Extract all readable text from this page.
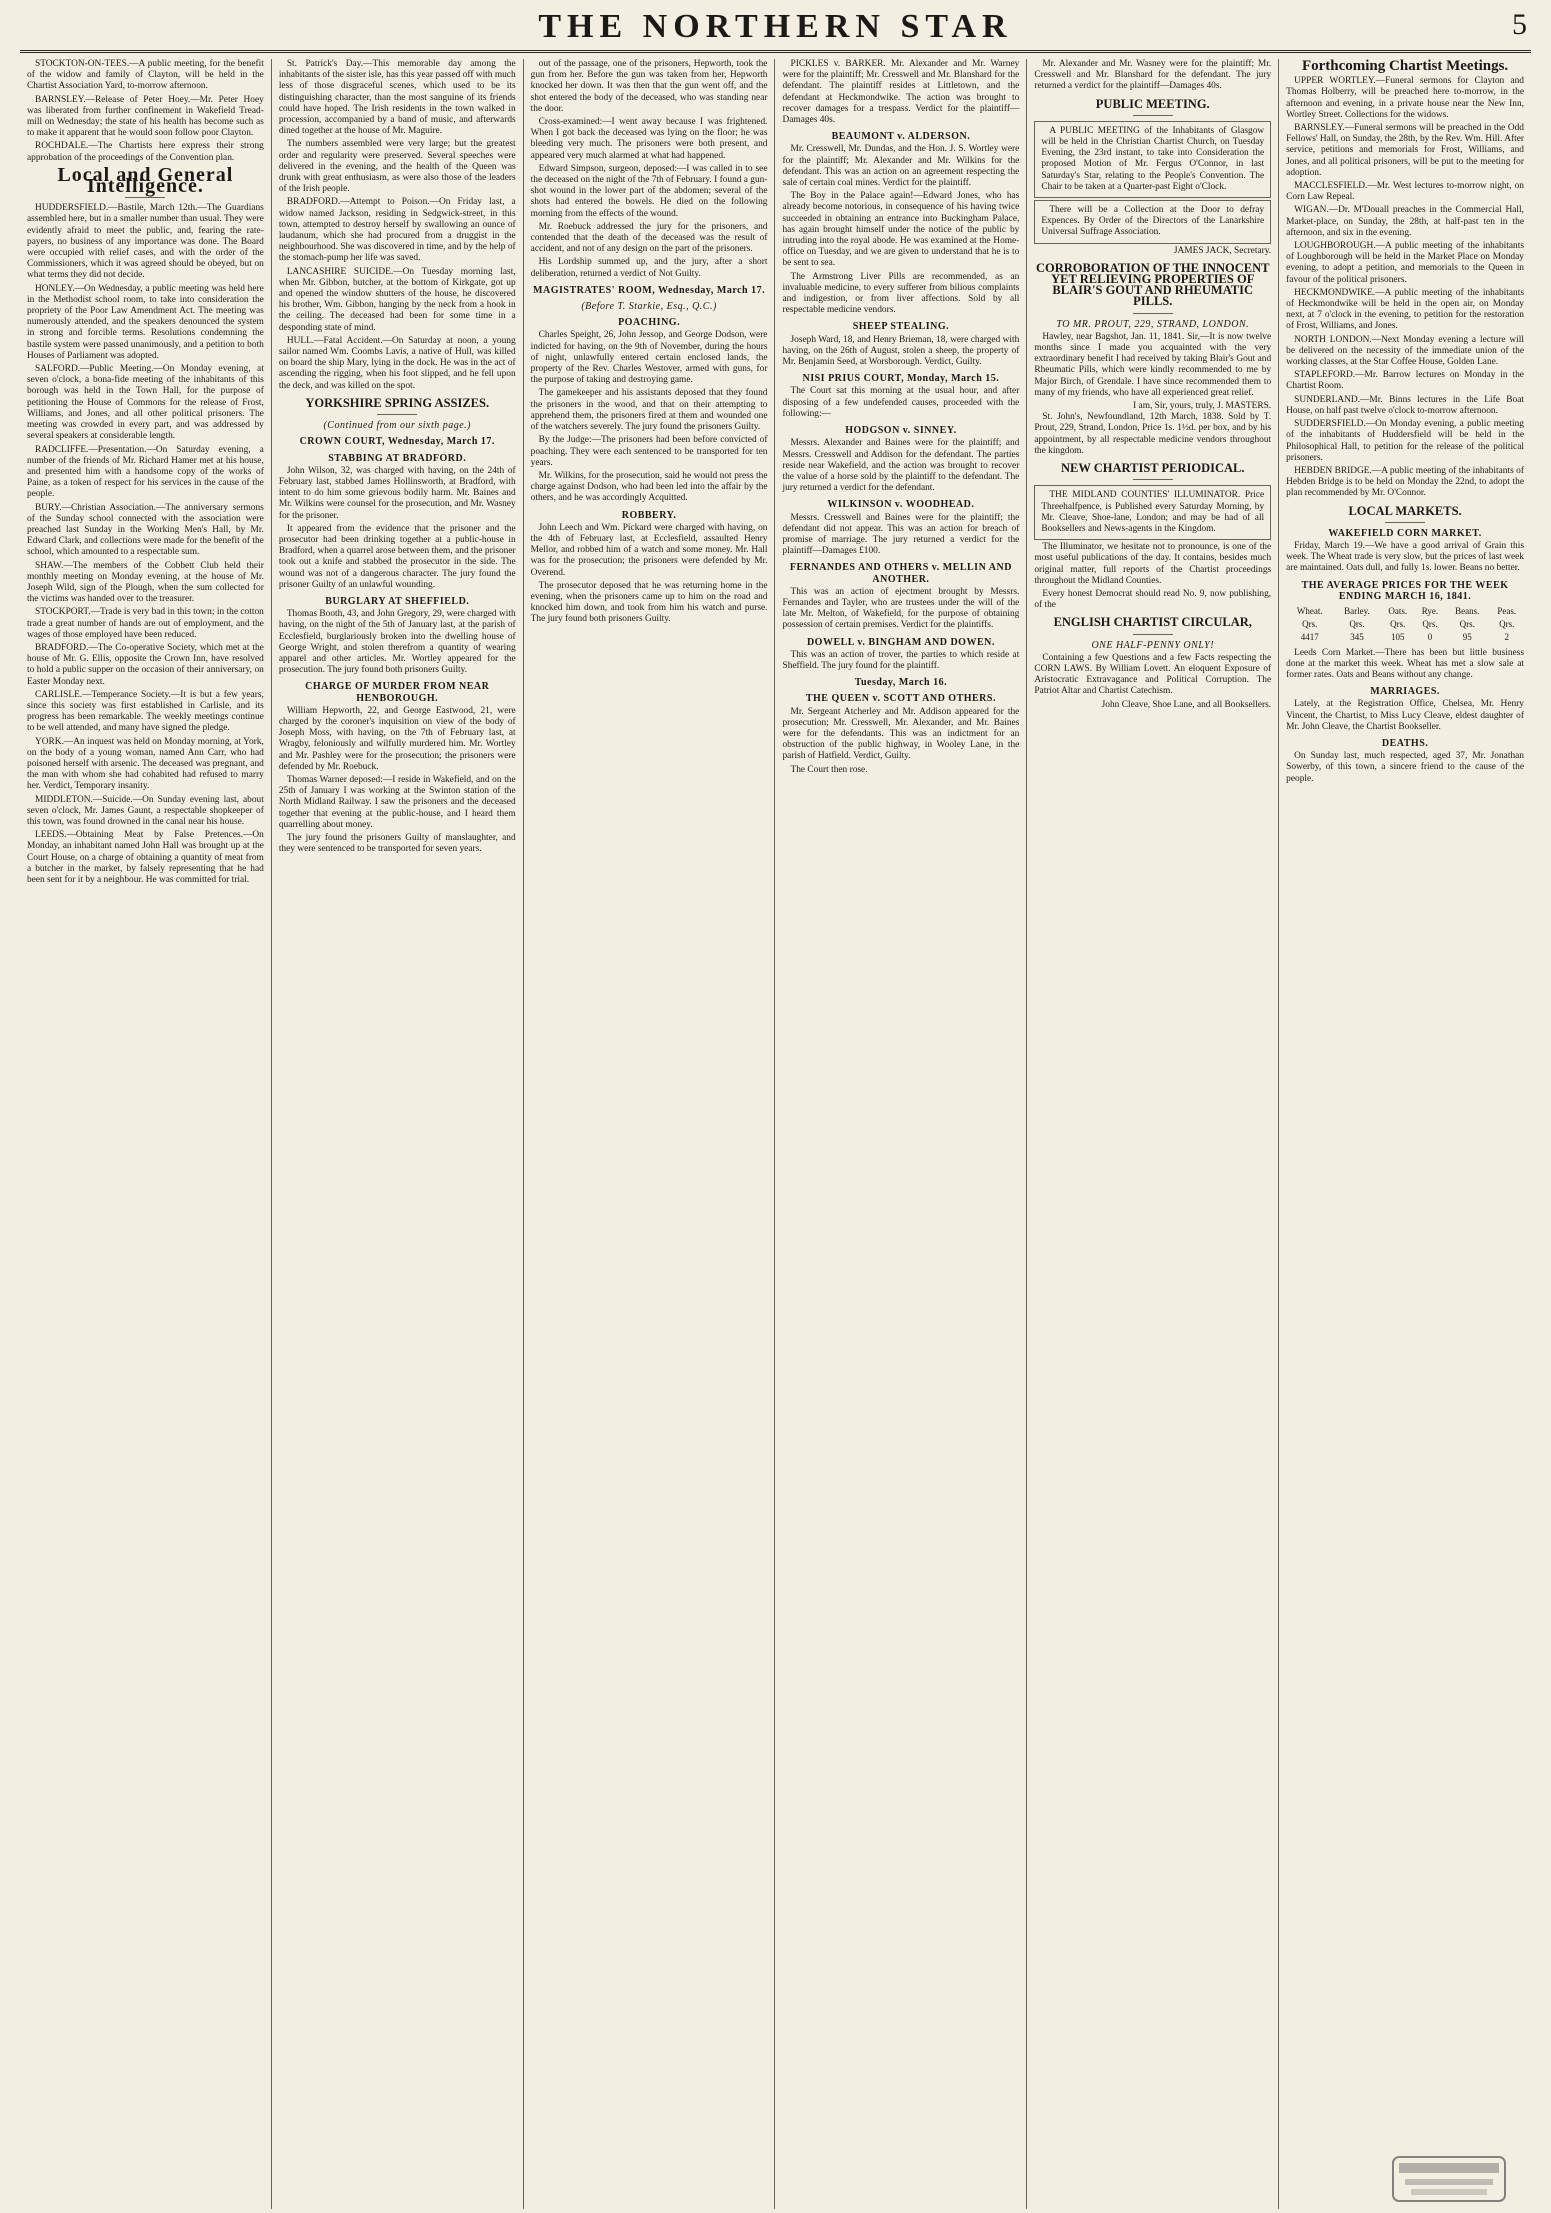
THE NORTHERN STAR	5

STOCKTON-ON-TEES.—A public meeting, for the benefit of the widow and family of Clayton, will be held in the Chartist Association Yard, to-morrow afternoon.

BARNSLEY.—Release of Peter Hoey.—Mr. Peter Hoey was liberated from further confinement in Wakefield Tread-mill on Wednesday; the state of his health has become such as to make it apparent that he would soon follow poor Clayton.

ROCHDALE.—The Chartists here express their strong approbation of the proceedings of the Convention plan.

Local and General Intelligence.

HUDDERSFIELD.—Bastile, March 12th.—The Guardians assembled here, but in a smaller number than usual. They were evidently afraid to meet the public, and, fearing the rate-payers, no business of any importance was done. The Board were occupied with relief cases, and with the order of the Commissioners, which it was agreed should be obeyed, but on what terms they did not decide.

HONLEY.—On Wednesday, a public meeting was held here in the Methodist school room, to take into consideration the propriety of the Poor Law Amendment Act. The meeting was numerously attended, and the speakers denounced the system in strong and forcible terms. Resolutions condemning the bastile system were passed unanimously, and a petition to both Houses of Parliament was adopted.

SALFORD.—Public Meeting.—On Monday evening, at seven o'clock, a bona-fide meeting of the inhabitants of this borough was held in the Town Hall, for the purpose of petitioning the House of Commons for the release of Frost, Williams, and Jones, and all other political prisoners. The meeting was crowded in every part, and was addressed by several speakers at considerable length.

RADCLIFFE.—Presentation.—On Saturday evening, a number of the friends of Mr. Richard Hamer met at his house, and presented him with a handsome copy of the works of Paine, as a token of respect for his services in the cause of the people.

BURY.—Christian Association.—The anniversary sermons of the Sunday school connected with the association were preached last Sunday in the Working Men's Hall, by Mr. Edward Clark, and collections were made for the benefit of the school, which amounted to a respectable sum.

SHAW.—The members of the Cobbett Club held their monthly meeting on Monday evening, at the house of Mr. Joseph Wild, sign of the Plough, when the sum collected for the victims was handed over to the treasurer.

STOCKPORT.—Trade is very bad in this town; in the cotton trade a great number of hands are out of employment, and the wages of those employed have been reduced.

BRADFORD.—The Co-operative Society, which met at the house of Mr. G. Ellis, opposite the Crown Inn, have resolved to hold a public supper on the occasion of their anniversary, on Easter Monday next.

CARLISLE.—Temperance Society.—It is but a few years, since this society was first established in Carlisle, and its progress has been remarkable. The weekly meetings continue to be well attended, and many have signed the pledge.

YORK.—An inquest was held on Monday morning, at York, on the body of a young woman, named Ann Carr, who had poisoned herself with arsenic. The deceased was pregnant, and the man with whom she had cohabited had refused to marry her. Verdict, Temporary insanity.

MIDDLETON.—Suicide.—On Sunday evening last, about seven o'clock, Mr. James Gaunt, a respectable shopkeeper of this town, was found drowned in the canal near his house.

LEEDS.—Obtaining Meat by False Pretences.—On Monday, an inhabitant named John Hall was brought up at the Court House, on a charge of obtaining a quantity of meat from a butcher in the market, by falsely representing that he had been sent for it by a neighbour. He was committed for trial.

St. Patrick's Day.—This memorable day among the inhabitants of the sister isle, has this year passed off with much less of those disgraceful scenes, which used to be its distinguishing character, than the most sanguine of its friends could have hoped. The Irish residents in the town walked in procession, accompanied by a band of music, and afterwards dined together at the house of Mr. Maguire.

The numbers assembled were very large; but the greatest order and regularity were preserved. Several speeches were delivered in the evening, and the health of the Queen was drunk with great enthusiasm, as were also those of the leaders of the Irish people.

BRADFORD.—Attempt to Poison.—On Friday last, a widow named Jackson, residing in Sedgwick-street, in this town, attempted to destroy herself by swallowing an ounce of laudanum, which she had procured from a druggist in the neighbourhood. She was discovered in time, and by the help of the stomach-pump her life was saved.

LANCASHIRE SUICIDE.—On Tuesday morning last, when Mr. Gibbon, butcher, at the bottom of Kirkgate, got up and opened the window shutters of the house, he discovered his brother, Wm. Gibbon, hanging by the neck from a hook in the ceiling. The deceased had been for some time in a desponding state of mind.

HULL.—Fatal Accident.—On Saturday at noon, a young sailor named Wm. Coombs Lavis, a native of Hull, was killed on board the ship Mary, lying in the dock. He was in the act of ascending the rigging, when his foot slipped, and he fell upon the deck, and was killed on the spot.

YORKSHIRE SPRING ASSIZES.
(Continued from our sixth page.)
CROWN COURT, Wednesday, March 17.
STABBING AT BRADFORD.

John Wilson, 32, was charged with having, on the 24th of February last, stabbed James Hollinsworth, at Bradford, with intent to do him some grievous bodily harm. Mr. Baines and Mr. Wilkins were counsel for the prosecution, and Mr. Wasney for the prisoner.

It appeared from the evidence that the prisoner and the prosecutor had been drinking together at a public-house in Bradford, when a quarrel arose between them, and the prisoner took out a knife and stabbed the prosecutor in the side. The wound was not of a dangerous character. The jury found the prisoner Guilty of an unlawful wounding.

BURGLARY AT SHEFFIELD.

Thomas Booth, 43, and John Gregory, 29, were charged with having, on the night of the 5th of January last, at the parish of Ecclesfield, burglariously broken into the dwelling house of George Wright, and stolen therefrom a quantity of wearing apparel and other articles. Mr. Wortley appeared for the prosecution. The jury found both prisoners Guilty.

CHARGE OF MURDER FROM NEAR HENBOROUGH.

William Hepworth, 22, and George Eastwood, 21, were charged by the coroner's inquisition on view of the body of Joseph Moss, with having, on the 7th of February last, at Wragby, feloniously and wilfully murdered him. Mr. Wortley and Mr. Pashley were for the prosecution; the prisoners were defended by Mr. Roebuck.

Thomas Warner deposed:—I reside in Wakefield, and on the 25th of January I was working at the Swinton station of the North Midland Railway. I saw the prisoners and the deceased together that evening at the public-house, and I heard them quarrelling about money.

The jury found the prisoners Guilty of manslaughter, and they were sentenced to be transported for seven years.

out of the passage, one of the prisoners, Hepworth, took the gun from her. Before the gun was taken from her, Hepworth knocked her down. It was then that the gun went off, and the shot entered the body of the deceased, who was standing near the door.

Cross-examined:—I went away because I was frightened. When I got back the deceased was lying on the floor; he was bleeding very much. The prisoners were both present, and appeared very much alarmed at what had happened.

Edward Simpson, surgeon, deposed:—I was called in to see the deceased on the night of the 7th of February. I found a gun-shot wound in the lower part of the abdomen; several of the shots had entered the bowels. He died on the following morning from the effects of the wound.

Mr. Roebuck addressed the jury for the prisoners, and contended that the death of the deceased was the result of accident, and not of any design on the part of the prisoners.

His Lordship summed up, and the jury, after a short deliberation, returned a verdict of Not Guilty.

MAGISTRATES' ROOM, Wednesday, March 17.
(Before T. Starkie, Esq., Q.C.)
POACHING.

Charles Speight, 26, John Jessop, and George Dodson, were indicted for having, on the 9th of November, during the hours of night, unlawfully entered certain enclosed lands, the property of the Rev. Charles Westover, armed with guns, for the purpose of taking and destroying game.

The gamekeeper and his assistants deposed that they found the prisoners in the wood, and that on their attempting to apprehend them, the prisoners fired at them and wounded one of the watchers severely. The jury found the prisoners Guilty.

By the Judge:—The prisoners had been before convicted of poaching. They were each sentenced to be transported for ten years.

Mr. Wilkins, for the prosecution, said he would not press the charge against Dodson, who had been led into the affair by the others, and he was accordingly Acquitted.

ROBBERY.

John Leech and Wm. Pickard were charged with having, on the 4th of February last, at Ecclesfield, assaulted Henry Mellor, and robbed him of a watch and some money. Mr. Hall was for the prosecution; the prisoners were defended by Mr. Overend.

The prosecutor deposed that he was returning home in the evening, when the prisoners came up to him on the road and knocked him down, and took from him his watch and purse. The jury found both prisoners Guilty.

PICKLES v. BARKER. Mr. Alexander and Mr. Warney were for the plaintiff; Mr. Cresswell and Mr. Blanshard for the defendant. The plaintiff resides at Littletown, and the defendant at Heckmondwike. The action was brought to recover damages for a trespass. Verdict for the plaintiff—Damages 40s.

BEAUMONT v. ALDERSON.

Mr. Cresswell, Mr. Dundas, and the Hon. J. S. Wortley were for the plaintiff; Mr. Alexander and Mr. Wilkins for the defendant. This was an action on an agreement respecting the sale of certain coal mines. Verdict for the plaintiff.

The Boy in the Palace again!—Edward Jones, who has already become notorious, in consequence of his having twice succeeded in obtaining an entrance into Buckingham Palace, has again brought himself under the notice of the public by intruding into the royal abode. He was examined at the Home-office on Tuesday, and we are given to understand that he is to be sent to sea.

The Armstrong Liver Pills are recommended, as an invaluable medicine, to every sufferer from bilious complaints and indigestion, or from liver affections. Sold by all respectable medicine vendors.

SHEEP STEALING.

Joseph Ward, 18, and Henry Brieman, 18, were charged with having, on the 26th of August, stolen a sheep, the property of Mr. Benjamin Seed, at Worsborough. Verdict, Guilty.

NISI PRIUS COURT, Monday, March 15.

The Court sat this morning at the usual hour, and after disposing of a few undefended causes, proceeded with the following:—

HODGSON v. SINNEY.

Messrs. Alexander and Baines were for the plaintiff; and Messrs. Cresswell and Addison for the defendant. The parties reside near Wakefield, and the action was brought to recover the value of a horse sold by the plaintiff to the defendant. The jury returned a verdict for the defendant.

WILKINSON v. WOODHEAD.

Messrs. Cresswell and Baines were for the plaintiff; the defendant did not appear. This was an action for breach of promise of marriage. The jury returned a verdict for the plaintiff—Damages £100.

FERNANDES AND OTHERS v. MELLIN AND ANOTHER.

This was an action of ejectment brought by Messrs. Fernandes and Tayler, who are trustees under the will of the late Mr. Melton, of Wakefield, for the purpose of obtaining possession of certain premises. Verdict for the plaintiffs.

DOWELL v. BINGHAM AND DOWEN.

This was an action of trover, the parties to which reside at Sheffield. The jury found for the plaintiff.

Tuesday, March 16.
THE QUEEN v. SCOTT AND OTHERS.

Mr. Sergeant Atcherley and Mr. Addison appeared for the prosecution; Mr. Cresswell, Mr. Alexander, and Mr. Baines were for the defendants. This was an indictment for an obstruction of the public highway, in Wooley Lane, in the parish of Hatfield. Verdict, Guilty.

The Court then rose.

Mr. Alexander and Mr. Wasney were for the plaintiff; Mr. Cresswell and Mr. Blanshard for the defendant. The jury returned a verdict for the plaintiff—Damages 40s.

PUBLIC MEETING.

A PUBLIC MEETING of the Inhabitants of Glasgow will be held in the Christian Chartist Church, on Tuesday Evening, the 23rd instant, to take into Consideration the proposed Motion of Mr. Fergus O'Connor, in last Saturday's Star, relating to the People's Convention. The Chair to be taken at a Quarter-past Eight o'Clock.

There will be a Collection at the Door to defray Expences. By Order of the Directors of the Lanarkshire Universal Suffrage Association.

JAMES JACK, Secretary.
CORROBORATION OF THE INNOCENT YET RELIEVING PROPERTIES OF BLAIR'S GOUT AND RHEUMATIC PILLS.
TO MR. PROUT, 229, STRAND, LONDON.

Hawley, near Bagshot, Jan. 11, 1841. Sir,—It is now twelve months since I made you acquainted with the very extraordinary benefit I had received by taking Blair's Gout and Rheumatic Pills, which were kindly recommended to me by Major Birch, of Grendale. I have since recommended them to many of my friends, who have all experienced great relief.

I am, Sir, yours, truly, J. MASTERS.

St. John's, Newfoundland, 12th March, 1838. Sold by T. Prout, 229, Strand, London, Price 1s. 1½d. per box, and by his appointment, by all respectable medicine vendors throughout the kingdom.

NEW CHARTIST PERIODICAL.

THE MIDLAND COUNTIES' ILLUMINATOR. Price Threehalfpence, is Published every Saturday Morning, by Mr. Cleave, Shoe-lane, London; and may be had of all Booksellers and News-agents in the Kingdom.

The Illuminator, we hesitate not to pronounce, is one of the most useful publications of the day. It contains, besides much original matter, full reports of the Chartist proceedings throughout the Midland Counties.

Every honest Democrat should read No. 9, now publishing, of the

ENGLISH CHARTIST CIRCULAR,
ONE HALF-PENNY ONLY!

Containing a few Questions and a few Facts respecting the CORN LAWS. By William Lovett. An eloquent Exposure of Aristocratic Extravagance and Political Corruption. The Patriot Altar and Chartist Catechism.

John Cleave, Shoe Lane, and all Booksellers.
Forthcoming Chartist Meetings.

UPPER WORTLEY.—Funeral sermons for Clayton and Thomas Holberry, will be preached here to-morrow, in the afternoon and evening, in a private house near the New Inn, Wortley Street. Collections for the widows.

BARNSLEY.—Funeral sermons will be preached in the Odd Fellows' Hall, on Sunday, the 28th, by the Rev. Wm. Hill. After service, petitions and memorials for Frost, Williams, and Jones, and all political prisoners, will be put to the meeting for adoption.

MACCLESFIELD.—Mr. West lectures to-morrow night, on Corn Law Repeal.

WIGAN.—Dr. M'Douall preaches in the Commercial Hall, Market-place, on Sunday, the 28th, at half-past ten in the afternoon, and six in the evening.

LOUGHBOROUGH.—A public meeting of the inhabitants of Loughborough will be held in the Market Place on Monday evening, to adopt a petition, and memorials to the Queen in favour of the political prisoners.

HECKMONDWIKE.—A public meeting of the inhabitants of Heckmondwike will be held in the open air, on Monday next, at 7 o'clock in the evening, to petition for the restoration of Frost, Williams, and Jones.

NORTH LONDON.—Next Monday evening a lecture will be delivered on the necessity of the immediate union of the working classes, at the Star Coffee House, Golden Lane.

STAPLEFORD.—Mr. Barrow lectures on Monday in the Chartist Room.

SUNDERLAND.—Mr. Binns lectures in the Life Boat House, on half past twelve o'clock to-morrow afternoon.

SUDDERSFIELD.—On Monday evening, a public meeting of the inhabitants of Huddersfield will be held in the Philosophical Hall, to petition for the release of the political prisoners.

HEBDEN BRIDGE.—A public meeting of the inhabitants of Hebden Bridge is to be held on Monday the 22nd, to adopt the plan recommended by Mr. O'Connor.

LOCAL MARKETS.
WAKEFIELD CORN MARKET.

Friday, March 19.—We have a good arrival of Grain this week. The Wheat trade is very slow, but the prices of last week are maintained. Oats dull, and fully 1s. lower. Beans no better.

THE AVERAGE PRICES FOR THE WEEK ENDING MARCH 16, 1841.
Wheat.	Barley.	Oats.	Rye.	Beans.	Peas.
Qrs.	Qrs.	Qrs.	Qrs.	Qrs.	Qrs.
4417	345	105	0	95	2

Leeds Corn Market.—There has been but little business done at the market this week. Wheat has met a slow sale at former rates. Oats and Beans without any change.

MARRIAGES.

Lately, at the Registration Office, Chelsea, Mr. Henry Vincent, the Chartist, to Miss Lucy Cleave, eldest daughter of Mr. John Cleave, the Chartist Bookseller.

DEATHS.

On Sunday last, much respected, aged 37, Mr. Jonathan Sowerby, of this town, a sincere friend to the cause of the people.
